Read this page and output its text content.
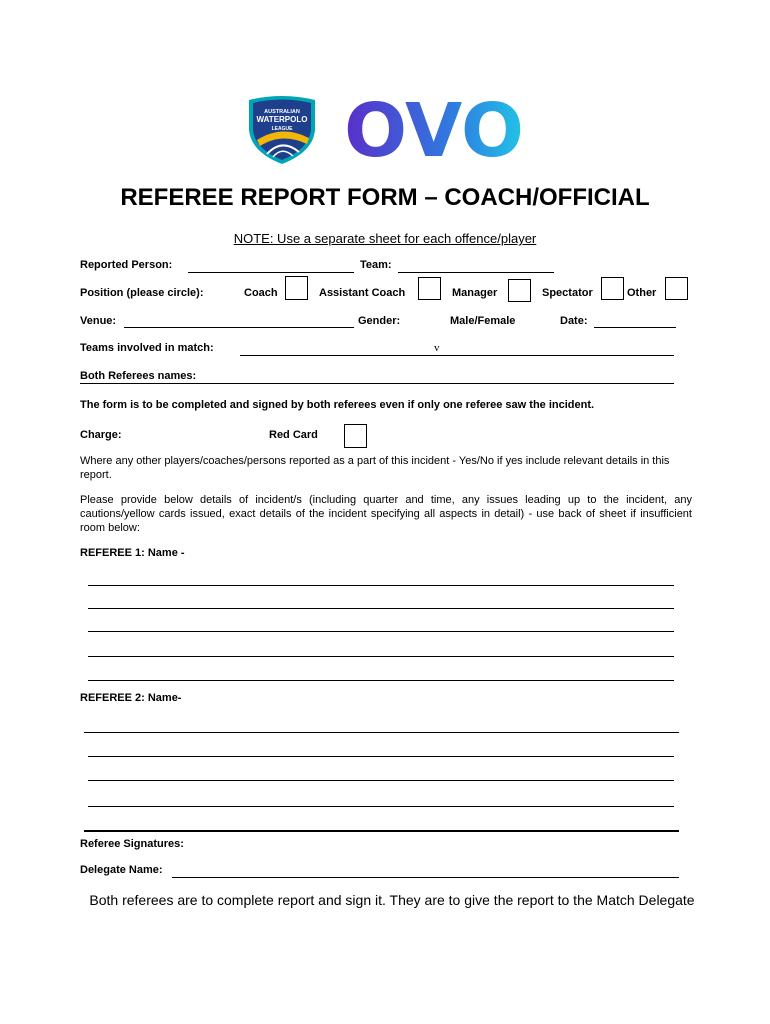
AUSTRALIAN
WATERPOLO
LEAGUE OVO
REFEREE REPORT FORM – COACH/OFFICIAL
NOTE: Use a separate sheet for each offence/player
Reported Person:	Team:
Position (please circle):	Coach	Assistant Coach	Manager	Spectator	Other
Venue:	Gender:	Male/Female	Date:
Teams involved in match:	v
Both Referees names:
The form is to be completed and signed by both referees even if only one referee saw the incident.
Charge:	Red Card
Where any other players/coaches/persons reported as a part of this incident - Yes/No if yes include relevant details in this report.
Please provide below details of incident/s (including quarter and time, any issues leading up to the incident, any cautions/yellow cards issued, exact details of the incident specifying all aspects in detail) - use back of sheet if insufficient room below:
REFEREE 1: Name -
REFEREE 2: Name-
Referee Signatures:
Delegate Name:
Both referees are to complete report and sign it. They are to give the report to the Match Delegate
